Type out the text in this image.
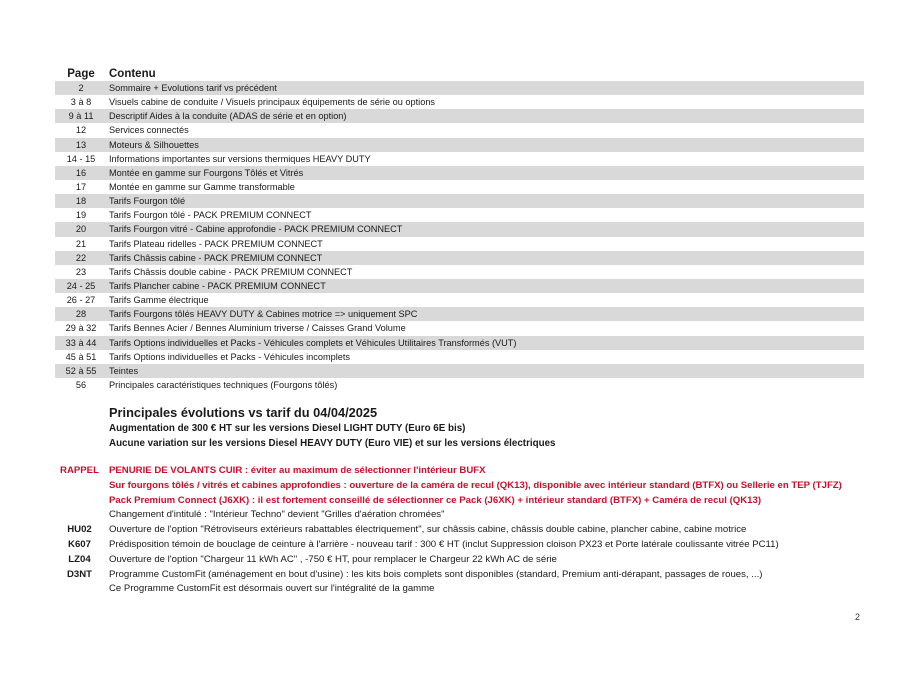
Page	Contenu
2	Sommaire + Evolutions tarif vs précédent
3 à 8	Visuels cabine de conduite / Visuels principaux équipements de série ou options
9 à 11	Descriptif Aides à la conduite (ADAS de série et en option)
12	Services connectés
13	Moteurs & Silhouettes
14 - 15	Informations importantes sur versions thermiques HEAVY DUTY
16	Montée en gamme sur Fourgons Tôlés et Vitrés
17	Montée en gamme sur Gamme transformable
18	Tarifs Fourgon tôlé
19	Tarifs Fourgon tôlé - PACK PREMIUM CONNECT
20	Tarifs Fourgon vitré - Cabine approfondie - PACK PREMIUM CONNECT
21	Tarifs Plateau ridelles - PACK PREMIUM CONNECT
22	Tarifs Châssis cabine - PACK PREMIUM CONNECT
23	Tarifs Châssis double cabine - PACK PREMIUM CONNECT
24 - 25	Tarifs Plancher cabine - PACK PREMIUM CONNECT
26 - 27	Tarifs Gamme électrique
28	Tarifs Fourgons tôlés HEAVY DUTY & Cabines motrice => uniquement SPC
29 à 32	Tarifs Bennes Acier / Bennes Aluminium triverse / Caisses Grand Volume
33 à 44	Tarifs Options individuelles et Packs - Véhicules complets et Véhicules Utilitaires Transformés (VUT)
45 à 51	Tarifs Options individuelles et Packs - Véhicules incomplets
52 à 55	Teintes
56	Principales caractéristiques techniques (Fourgons tôlés)
Principales évolutions vs tarif du 04/04/2025
Augmentation de 300 € HT sur les versions Diesel LIGHT DUTY (Euro 6E bis)
Aucune variation sur les versions Diesel HEAVY DUTY (Euro VIE) et sur les versions électriques
RAPPEL	PENURIE DE VOLANTS CUIR : éviter au maximum de sélectionner l'intérieur BUFX
Sur fourgons tôlés / vitrés et cabines approfondies : ouverture de la caméra de recul (QK13), disponible avec intérieur standard (BTFX) ou Sellerie en TEP (TJFZ)
Pack Premium Connect (J6XK) : il est fortement conseillé de sélectionner ce Pack (J6XK) + intérieur standard (BTFX) + Caméra de recul (QK13)
Changement d'intitulé : "Intérieur Techno" devient "Grilles d'aération chromées"
HU02	Ouverture de l'option "Rétroviseurs extérieurs rabattables électriquement", sur châssis cabine, châssis double cabine, plancher cabine, cabine motrice
K607	Prédisposition témoin de bouclage de ceinture à l'arrière - nouveau tarif : 300 € HT (inclut Suppression cloison PX23 et Porte latérale coulissante vitrée PC11)
LZ04	Ouverture de l'option "Chargeur 11 kWh AC" , -750 € HT, pour remplacer le Chargeur 22 kWh AC de série
D3NT	Programme CustomFit (aménagement en bout d'usine) : les kits bois complets sont disponibles (standard, Premium anti-dérapant, passages de roues, ...)
Ce Programme CustomFit est désormais ouvert sur l'intégralité de la gamme
2
